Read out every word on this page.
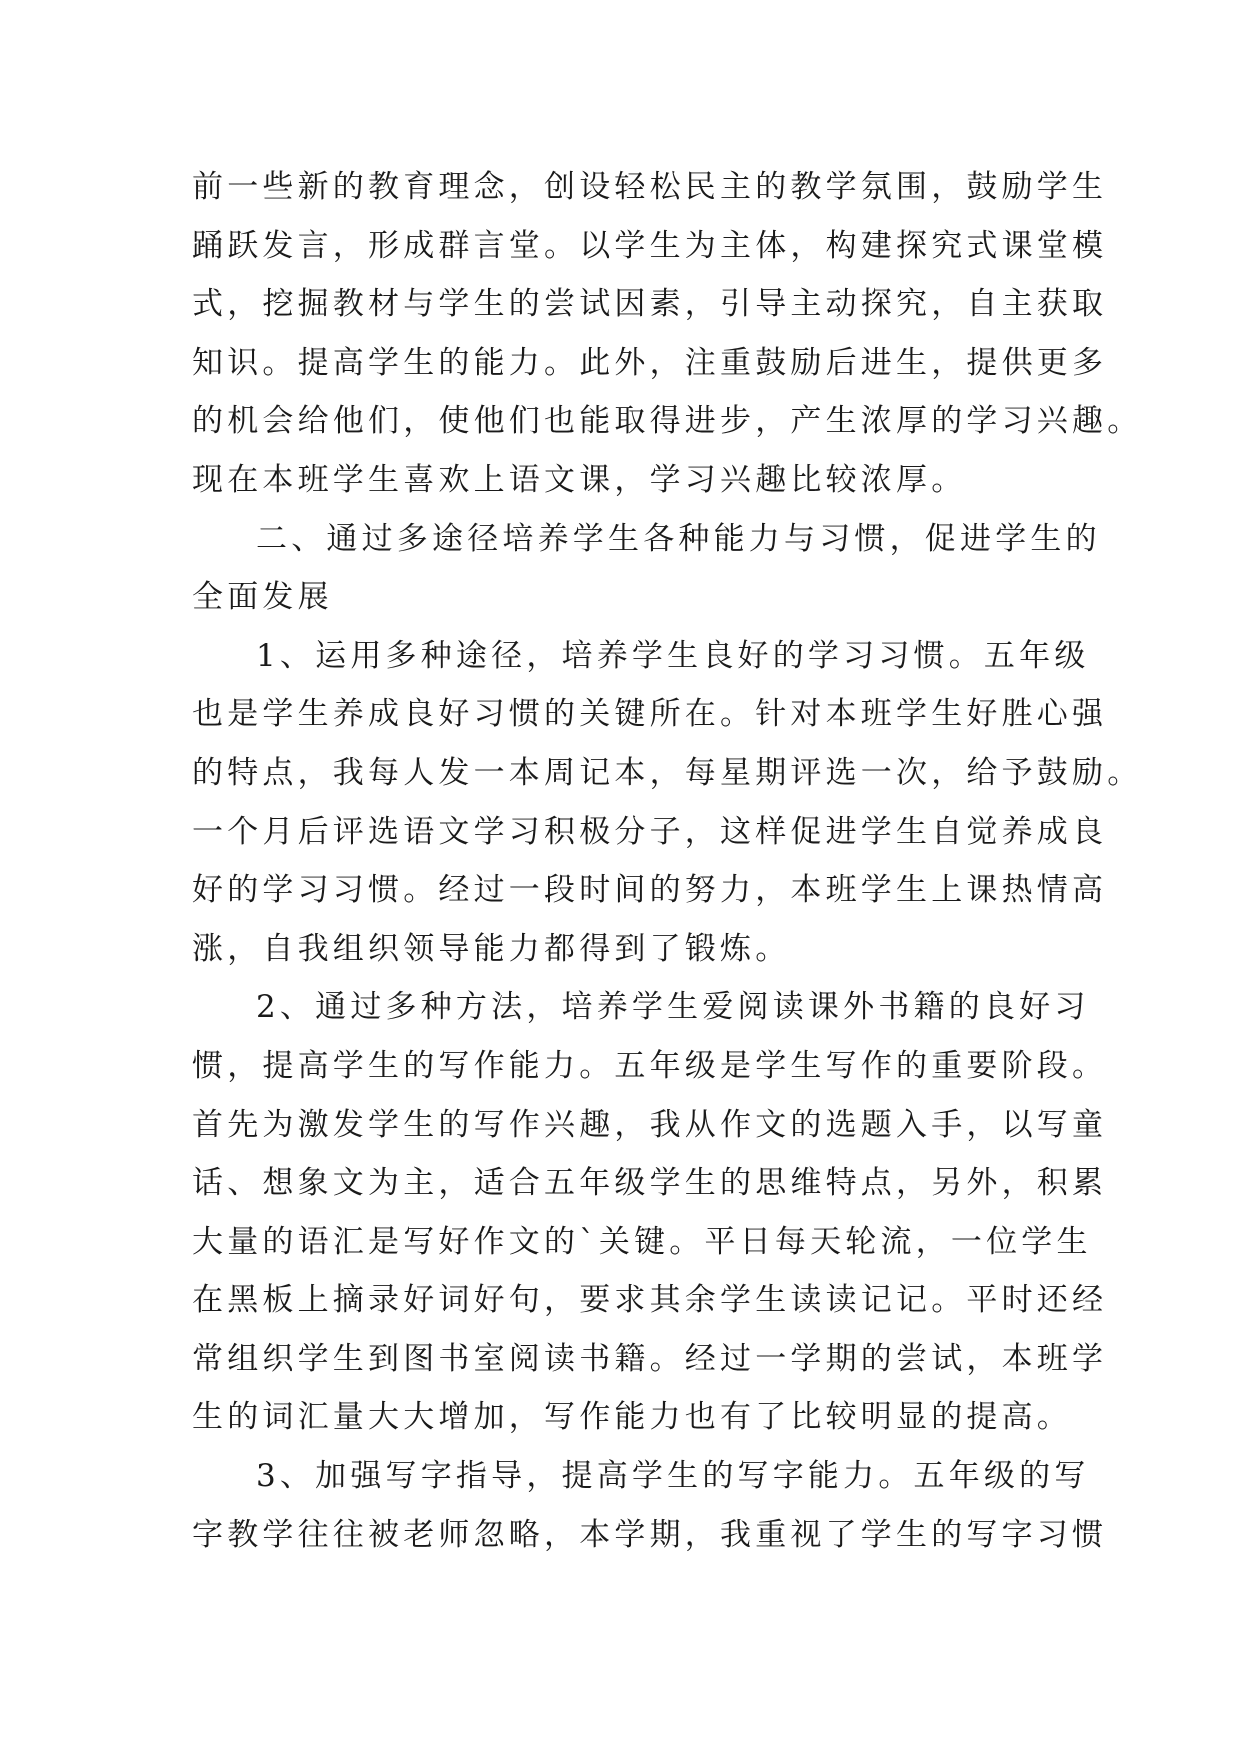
前一些新的教育理念，创设轻松民主的教学氛围，鼓励学生
踊跃发言，形成群言堂。以学生为主体，构建探究式课堂模
式，挖掘教材与学生的尝试因素，引导主动探究，自主获取
知识。提高学生的能力。此外，注重鼓励后进生，提供更多
的机会给他们，使他们也能取得进步，产生浓厚的学习兴趣。
现在本班学生喜欢上语文课，学习兴趣比较浓厚。
二、通过多途径培养学生各种能力与习惯，促进学生的
全面发展
1、运用多种途径，培养学生良好的学习习惯。五年级
也是学生养成良好习惯的关键所在。针对本班学生好胜心强
的特点，我每人发一本周记本，每星期评选一次，给予鼓励。
一个月后评选语文学习积极分子，这样促进学生自觉养成良
好的学习习惯。经过一段时间的努力，本班学生上课热情高
涨，自我组织领导能力都得到了锻炼。
2、通过多种方法，培养学生爱阅读课外书籍的良好习
惯，提高学生的写作能力。五年级是学生写作的重要阶段。
首先为激发学生的写作兴趣，我从作文的选题入手，以写童
话、想象文为主，适合五年级学生的思维特点，另外，积累
大量的语汇是写好作文的`关键。平日每天轮流，一位学生
在黑板上摘录好词好句，要求其余学生读读记记。平时还经
常组织学生到图书室阅读书籍。经过一学期的尝试，本班学
生的词汇量大大增加，写作能力也有了比较明显的提高。
3、加强写字指导，提高学生的写字能力。五年级的写
字教学往往被老师忽略，本学期，我重视了学生的写字习惯
